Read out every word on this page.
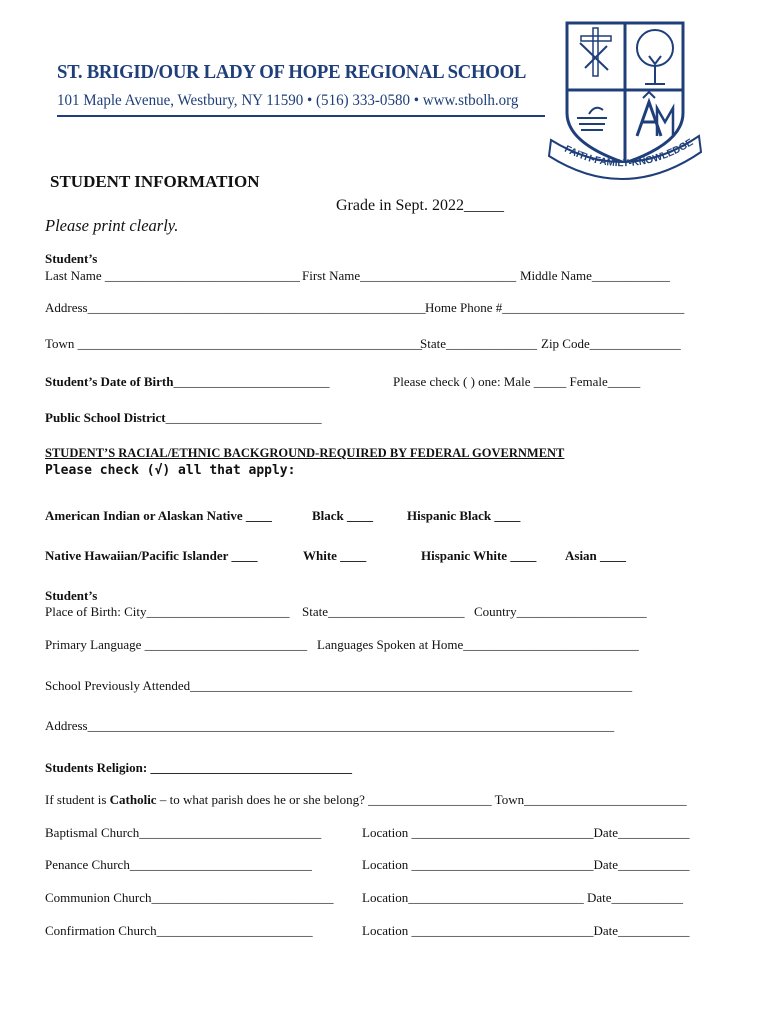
ST. BRIGID/OUR LADY OF HOPE REGIONAL SCHOOL
101 Maple Avenue, Westbury, NY 11590 • (516) 333-0580 • www.stbolh.org
FAITH-FAMILY-KNOWLEDGE
STUDENT INFORMATION
Grade in Sept. 2022_____
Please print clearly.
Student’s
Last Name ______________________________ First Name________________________ Middle Name____________
Address____________________________________________________ Home Phone #____________________________
Town _____________________________________________________
State______________ Zip Code______________
Student’s Date of Birth________________________	Please check ( ) one: Male _____ Female_____
Public School District________________________
STUDENT’S RACIAL/ETHNIC BACKGROUND-REQUIRED BY FEDERAL GOVERNMENT
Please check (√) all that apply:
American Indian or Alaskan Native ____	Black ____	Hispanic Black ____
Native Hawaiian/Pacific Islander ____	White ____	Hispanic White ____ Asian ____
Student’s
Place of Birth: City______________________ State_____________________ Country____________________
Primary Language _________________________ Languages Spoken at Home___________________________
School Previously Attended____________________________________________________________________
Address_________________________________________________________________________________
Students Religion: _______________________________
If student is Catholic – to what parish does he or she belong? ___________________ Town_________________________
Baptismal Church____________________________	Location ____________________________Date___________
Penance Church____________________________	Location ____________________________Date___________
Communion Church____________________________ Location___________________________ Date___________
Confirmation Church________________________	Location ____________________________Date___________
